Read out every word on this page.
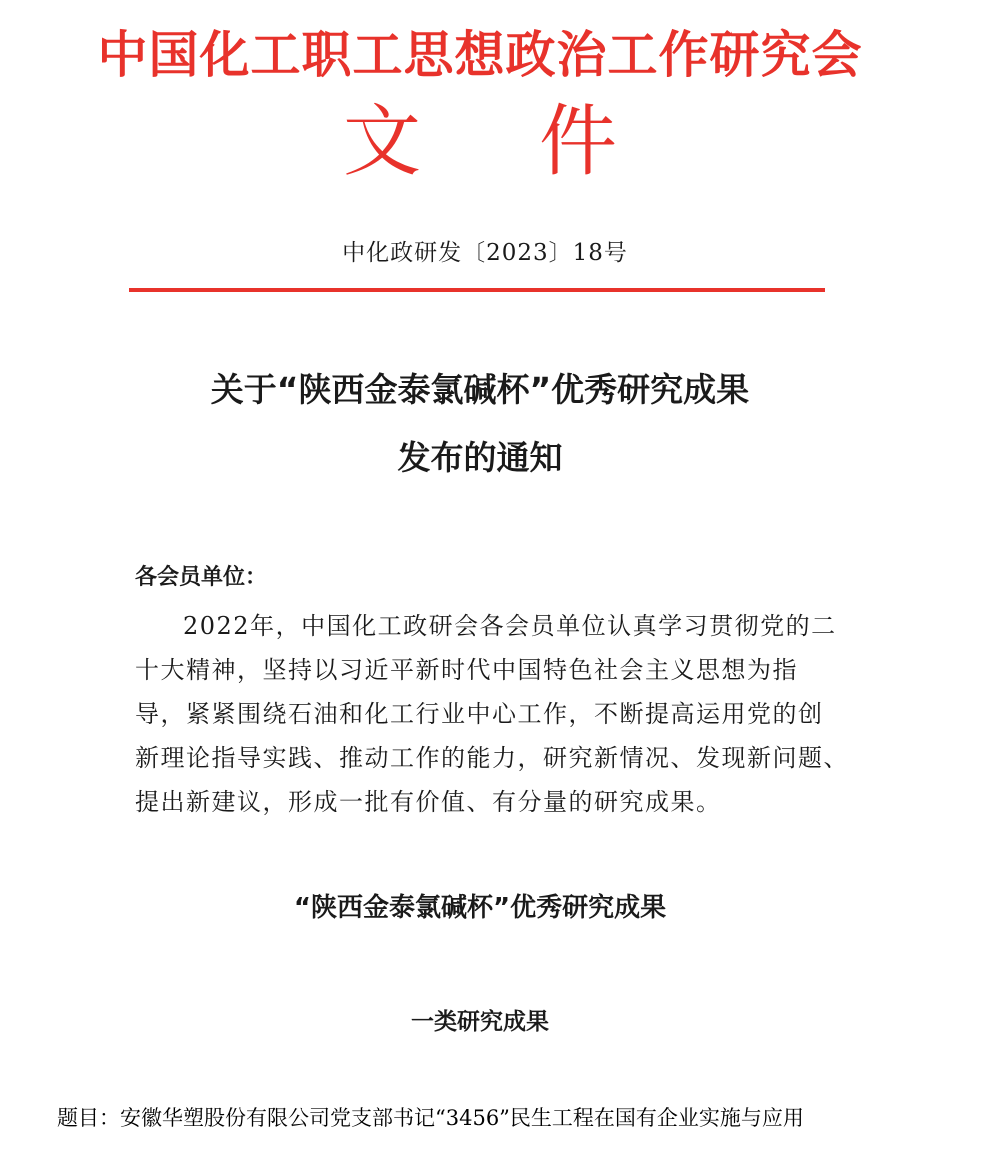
中国化工职工思想政治工作研究会
文件
中化政研发〔2023〕18号
关于“陕西金泰氯碱杯”优秀研究成果
发布的通知
各会员单位：
2022年，中国化工政研会各会员单位认真学习贯彻党的二
十大精神，坚持以习近平新时代中国特色社会主义思想为指
导，紧紧围绕石油和化工行业中心工作，不断提高运用党的创
新理论指导实践、推动工作的能力，研究新情况、发现新问题、
提出新建议，形成一批有价值、有分量的研究成果。
“陕西金泰氯碱杯”优秀研究成果
一类研究成果
题目：安徽华塑股份有限公司党支部书记“3456”民生工程在国有企业实施与应用
